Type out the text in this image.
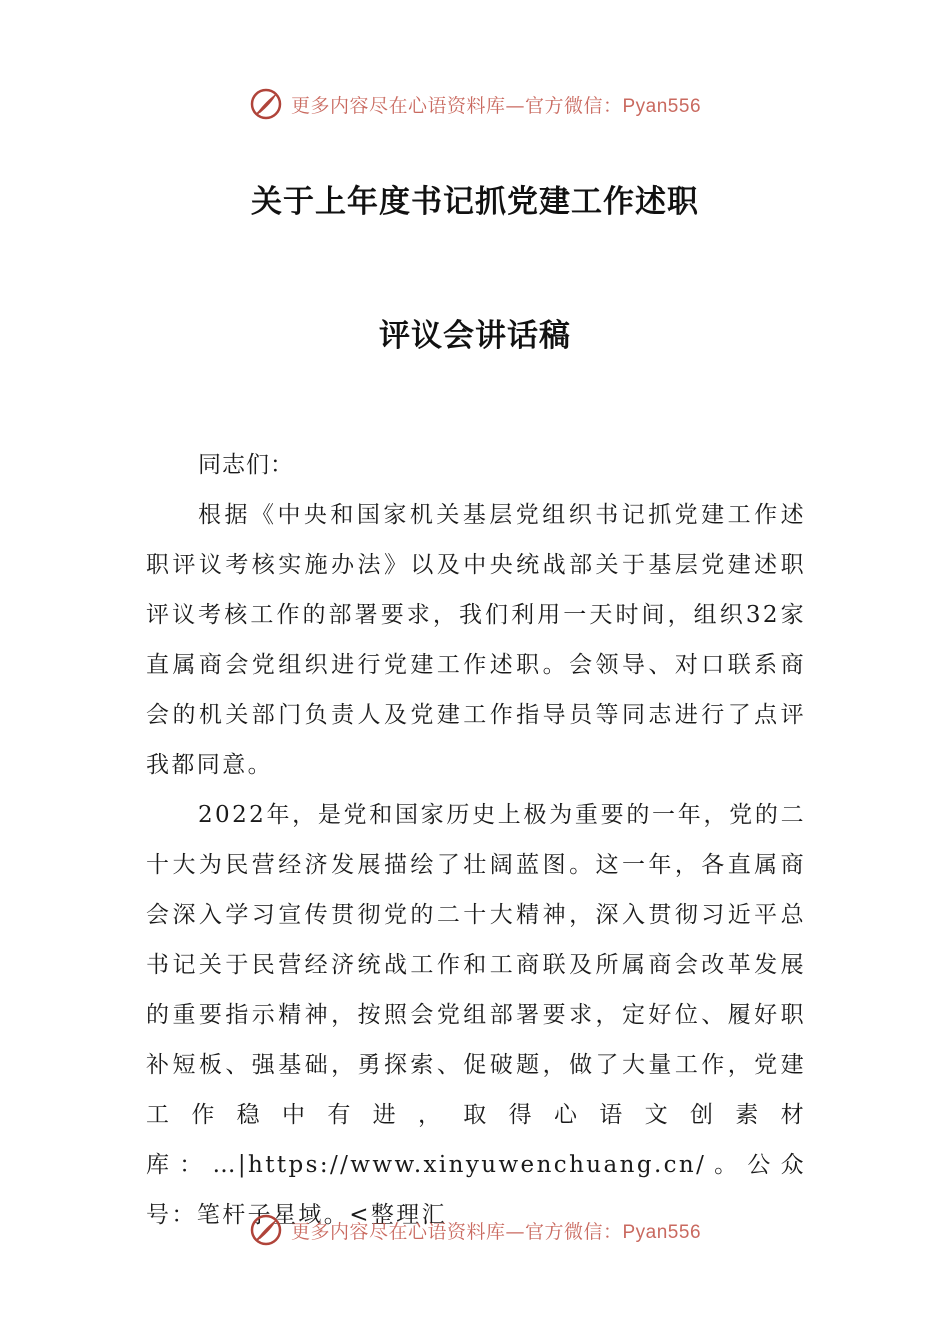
更多内容尽在心语资料库—官方微信：Pyan556
关于上年度书记抓党建工作述职
评议会讲话稿
同志们：

根据《中央和国家机关基层党组织书记抓党建工作述职评议考核实施办法》以及中央统战部关于基层党建述职评议考核工作的部署要求，我们利用一天时间，组织32家直属商会党组织进行党建工作述职。会领导、对口联系商会的机关部门负责人及党建工作指导员等同志进行了点评我都同意。

2022年，是党和国家历史上极为重要的一年，党的二十大为民营经济发展描绘了壮阔蓝图。这一年，各直属商会深入学习宣传贯彻党的二十大精神，深入贯彻习近平总书记关于民营经济统战工作和工商联及所属商会改革发展的重要指示精神，按照会党组部署要求，定好位、履好职补短板、强基础，勇探索、促破题，做了大量工作，党建工作稳中有进，取得心语文创素材库：…|https://www.xinyuwenchuang.cn/。公众号：笔杆子星域。<整理汇

更多内容尽在心语资料库—官方微信：Pyan556
